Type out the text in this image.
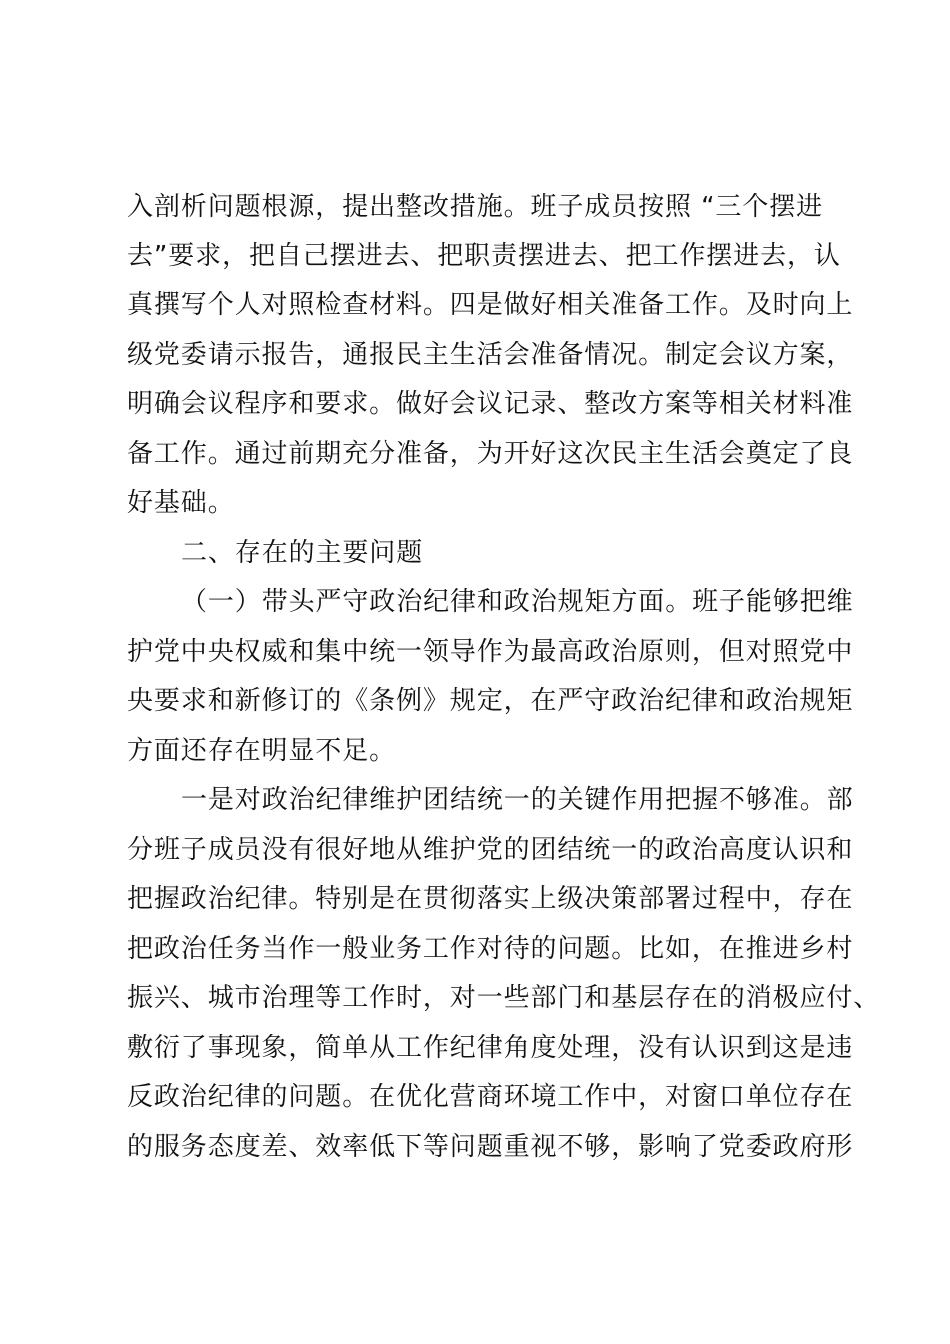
入剖析问题根源，提出整改措施。班子成员按照 “三个摆进
去”要求，把自己摆进去、把职责摆进去、把工作摆进去，认
真撰写个人对照检查材料。四是做好相关准备工作。及时向上
级党委请示报告，通报民主生活会准备情况。制定会议方案，
明确会议程序和要求。做好会议记录、整改方案等相关材料准
备工作。通过前期充分准备，为开好这次民主生活会奠定了良
好基础。
二、存在的主要问题
（一）带头严守政治纪律和政治规矩方面。班子能够把维
护党中央权威和集中统一领导作为最高政治原则，但对照党中
央要求和新修订的《条例》规定，在严守政治纪律和政治规矩
方面还存在明显不足。
一是对政治纪律维护团结统一的关键作用把握不够准。部
分班子成员没有很好地从维护党的团结统一的政治高度认识和
把握政治纪律。特别是在贯彻落实上级决策部署过程中，存在
把政治任务当作一般业务工作对待的问题。比如，在推进乡村
振兴、城市治理等工作时，对一些部门和基层存在的消极应付、
敷衍了事现象，简单从工作纪律角度处理，没有认识到这是违
反政治纪律的问题。在优化营商环境工作中，对窗口单位存在
的服务态度差、效率低下等问题重视不够，影响了党委政府形
